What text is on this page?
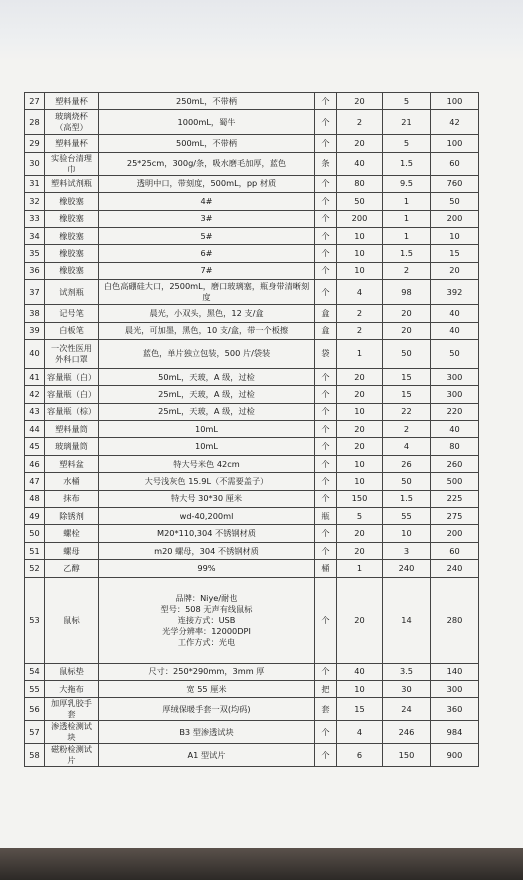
27	塑料量杯	250mL，不带柄	个	20	5	100
28	玻璃烧杯（高型）	1000mL，蜀牛	个	2	21	42
29	塑料量杯	500mL，不带柄	个	20	5	100
30	实验台清理巾	25*25cm，300g/条，吸水磨毛加厚，蓝色	条	40	1.5	60
31	塑料试剂瓶	透明中口，带刻度，500mL，pp 材质	个	80	9.5	760
32	橡胶塞	4#	个	50	1	50
33	橡胶塞	3#	个	200	1	200
34	橡胶塞	5#	个	10	1	10
35	橡胶塞	6#	个	10	1.5	15
36	橡胶塞	7#	个	10	2	20
37	试剂瓶	白色高硼硅大口，2500mL，磨口玻璃塞，瓶身带清晰刻度	个	4	98	392
38	记号笔	晨光，小双头，黑色，12 支/盒	盒	2	20	40
39	白板笔	晨光，可加墨，黑色，10 支/盒，带一个板擦	盒	2	20	40
40	一次性医用外科口罩	蓝色，单片独立包装，500 片/袋装	袋	1	50	50
41	容量瓶（白）	50mL，天玻，A 级，过检	个	20	15	300
42	容量瓶（白）	25mL，天玻，A 级，过检	个	20	15	300
43	容量瓶（棕）	25mL，天玻，A 级，过检	个	10	22	220
44	塑料量筒	10mL	个	20	2	40
45	玻璃量筒	10mL	个	20	4	80
46	塑料盆	特大号米色 42cm	个	10	26	260
47	水桶	大号浅灰色 15.9L（不需要盖子）	个	10	50	500
48	抹布	特大号 30*30 厘米	个	150	1.5	225
49	除锈剂	wd-40,200ml	瓶	5	55	275
50	螺栓	M20*110,304 不锈钢材质	个	20	10	200
51	螺母	m20 螺母，304 不锈钢材质	个	20	3	60
52	乙醇	99%	桶	1	240	240
53	鼠标	品牌：Niye/耐也
型号：508 无声有线鼠标
连接方式：USB
光学分辨率：12000DPI
工作方式：光电	个	20	14	280
54	鼠标垫	尺寸：250*290mm，3mm 厚	个	40	3.5	140
55	大拖布	宽 55 厘米	把	10	30	300
56	加厚乳胶手套	厚绒保暖手套一双(均码)	套	15	24	360
57	渗透检测试块	B3 型渗透试块	个	4	246	984
58	磁粉检测试片	A1 型试片	个	6	150	900
